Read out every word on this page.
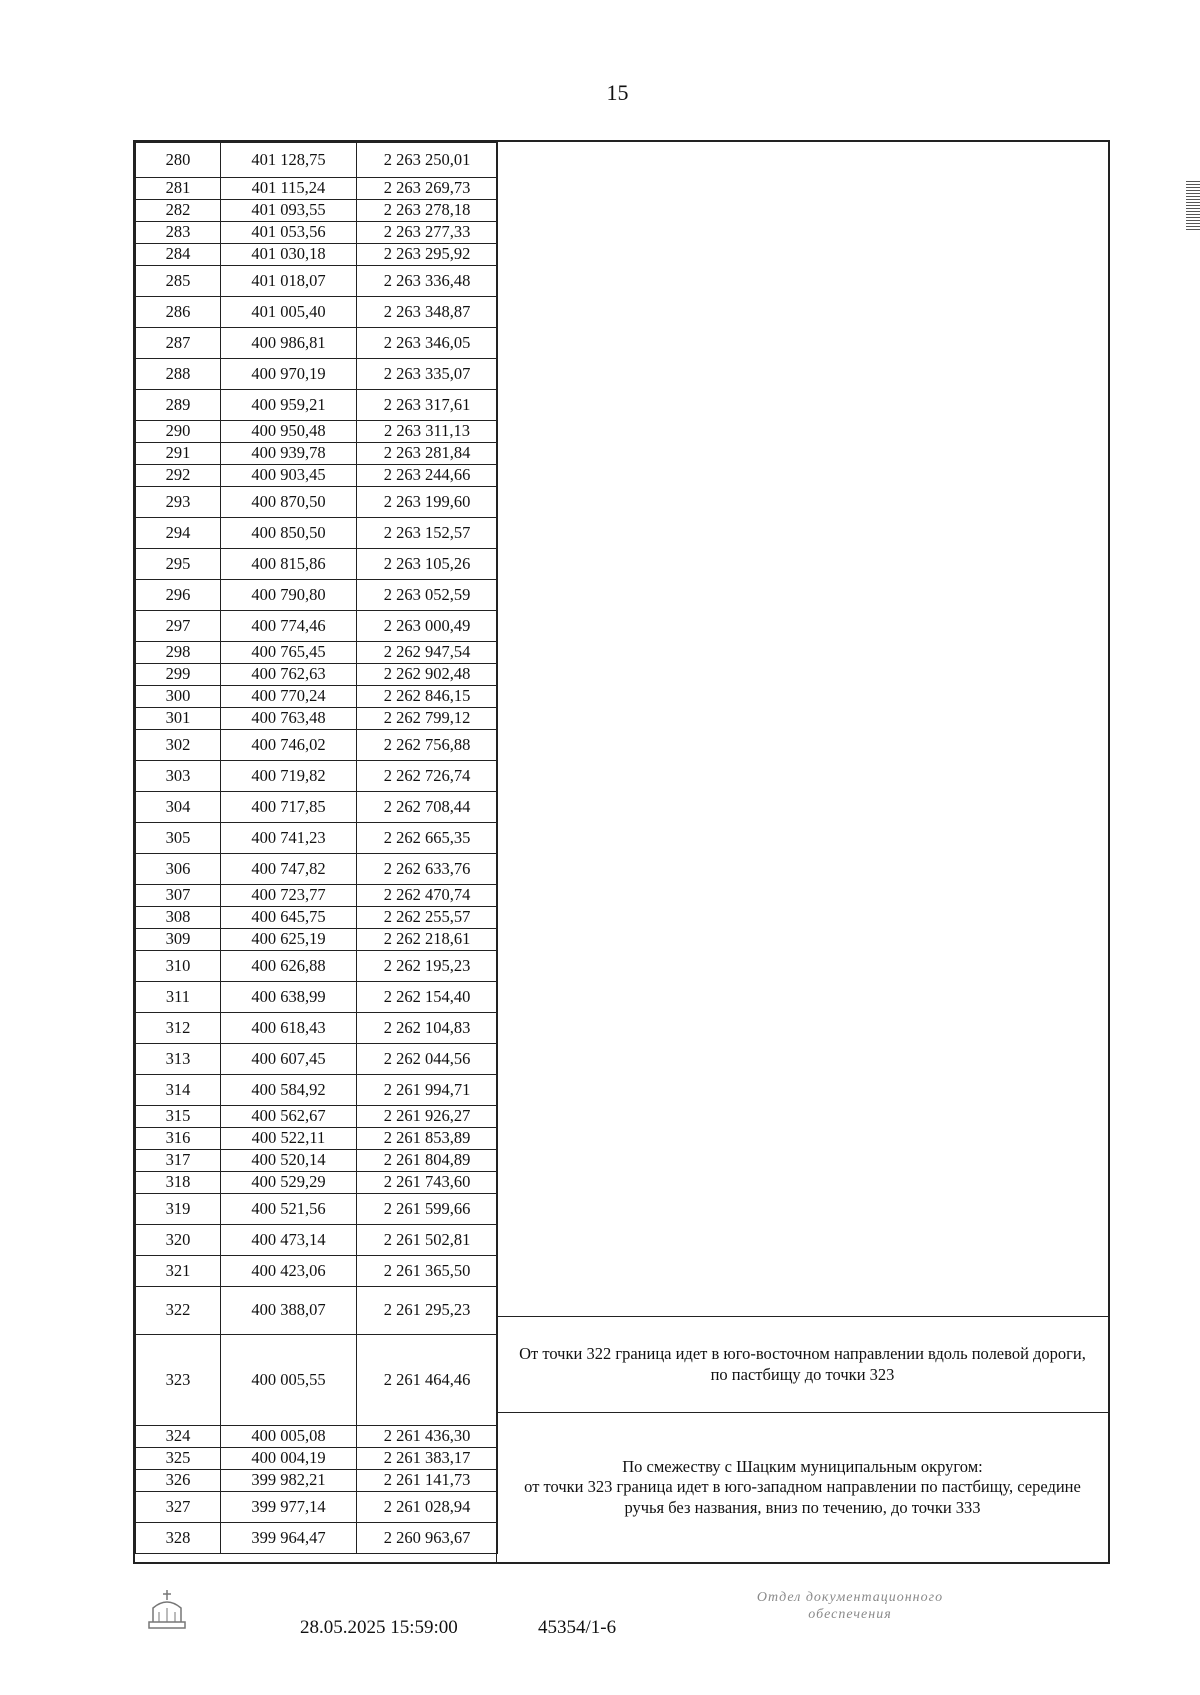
15
280	401 128,75	2 263 250,01
281	401 115,24	2 263 269,73
282	401 093,55	2 263 278,18
283	401 053,56	2 263 277,33
284	401 030,18	2 263 295,92
285	401 018,07	2 263 336,48
286	401 005,40	2 263 348,87
287	400 986,81	2 263 346,05
288	400 970,19	2 263 335,07
289	400 959,21	2 263 317,61
290	400 950,48	2 263 311,13
291	400 939,78	2 263 281,84
292	400 903,45	2 263 244,66
293	400 870,50	2 263 199,60
294	400 850,50	2 263 152,57
295	400 815,86	2 263 105,26
296	400 790,80	2 263 052,59
297	400 774,46	2 263 000,49
298	400 765,45	2 262 947,54
299	400 762,63	2 262 902,48
300	400 770,24	2 262 846,15
301	400 763,48	2 262 799,12
302	400 746,02	2 262 756,88
303	400 719,82	2 262 726,74
304	400 717,85	2 262 708,44
305	400 741,23	2 262 665,35
306	400 747,82	2 262 633,76
307	400 723,77	2 262 470,74
308	400 645,75	2 262 255,57
309	400 625,19	2 262 218,61
310	400 626,88	2 262 195,23
311	400 638,99	2 262 154,40
312	400 618,43	2 262 104,83
313	400 607,45	2 262 044,56
314	400 584,92	2 261 994,71
315	400 562,67	2 261 926,27
316	400 522,11	2 261 853,89
317	400 520,14	2 261 804,89
318	400 529,29	2 261 743,60
319	400 521,56	2 261 599,66
320	400 473,14	2 261 502,81
321	400 423,06	2 261 365,50
322	400 388,07	2 261 295,23
323	400 005,55	2 261 464,46
324	400 005,08	2 261 436,30
325	400 004,19	2 261 383,17
326	399 982,21	2 261 141,73
327	399 977,14	2 261 028,94
328	399 964,47	2 260 963,67
От точки 322 граница идет в юго-восточном направлении вдоль полевой дороги, по пастбищу до точки 323
По смежеству с Шацким муниципальным округом:
от точки 323 граница идет в юго-западном направлении по пастбищу, середине ручья без названия, вниз по течению, до точки 333
28.05.2025 15:59:00	45354/1-6
Отдел документационного
обеспечения
